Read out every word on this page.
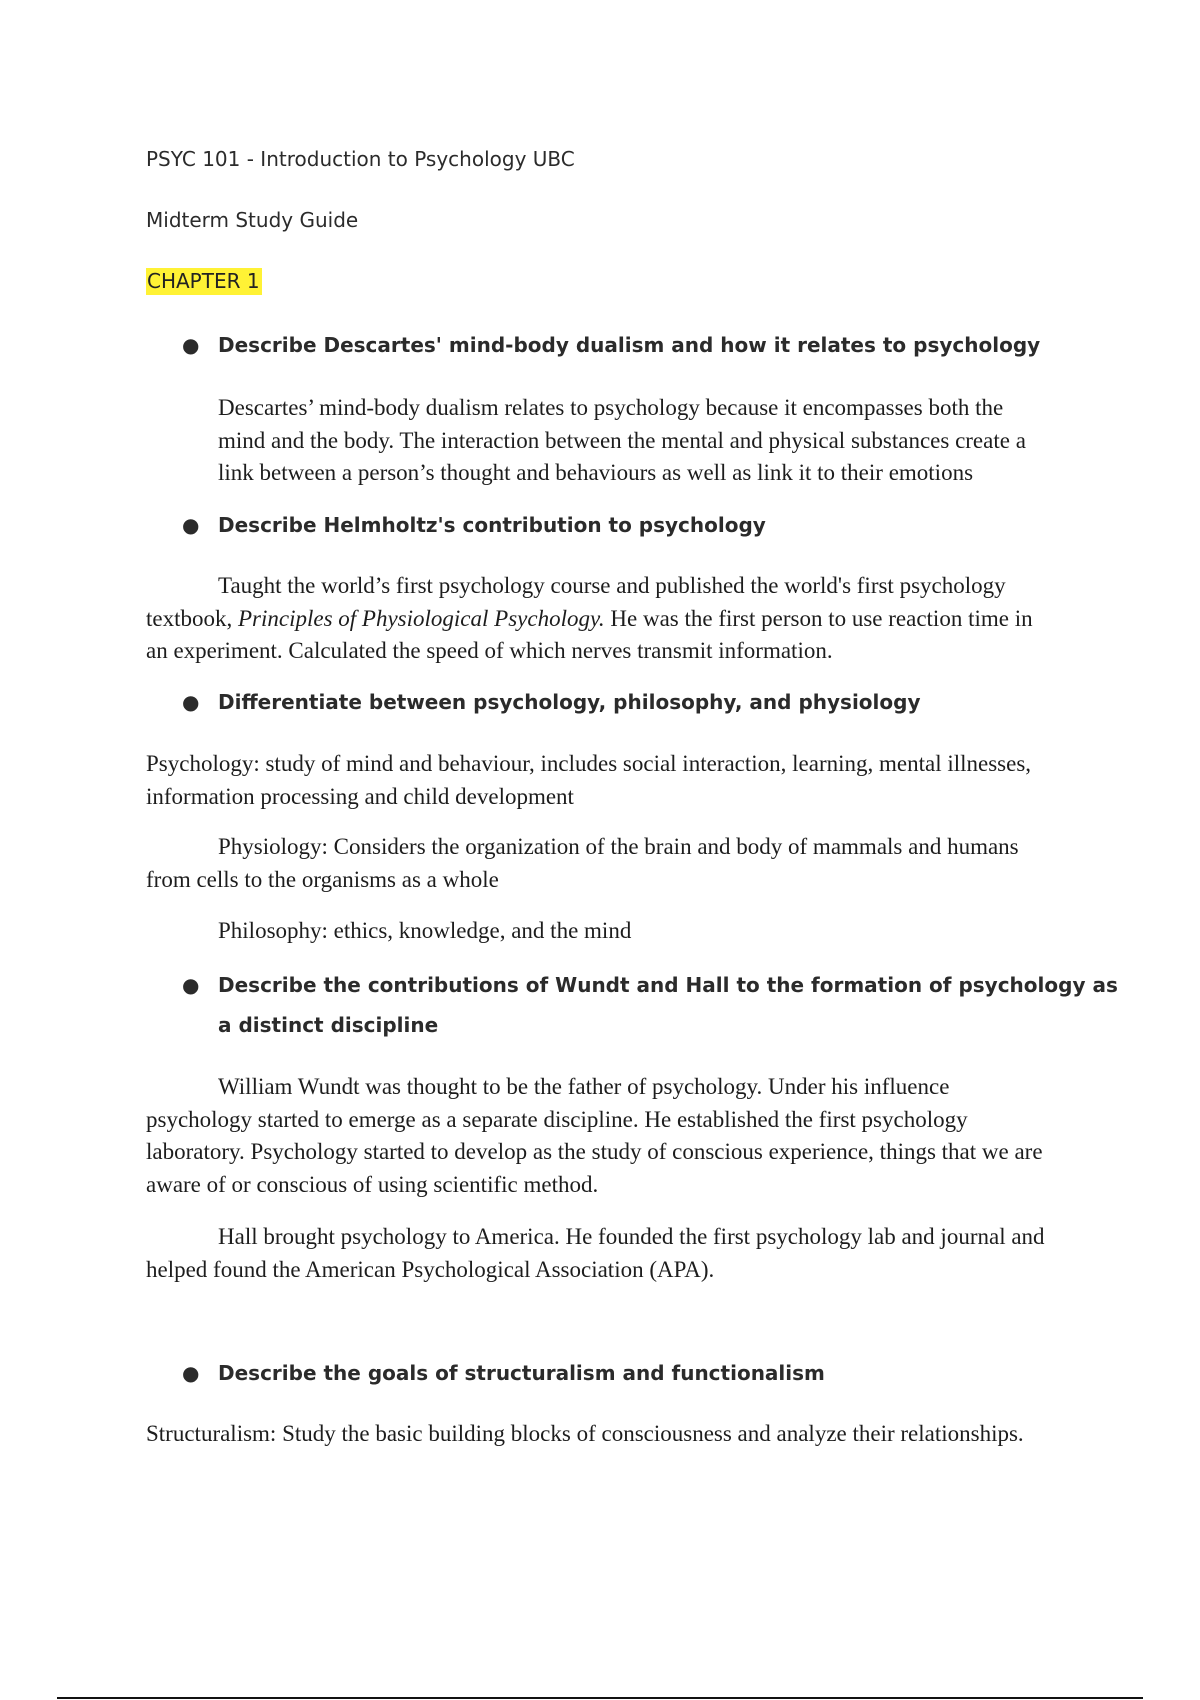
PSYC 101 - Introduction to Psychology UBC

Midterm Study Guide

CHAPTER 1
● Describe Descartes' mind-body dualism and how it relates to psychology
Descartes’ mind-body dualism relates to psychology because it encompasses both the
mind and the body. The interaction between the mental and physical substances create a
link between a person’s thought and behaviours as well as link it to their emotions
● Describe Helmholtz's contribution to psychology
Taught the world’s first psychology course and published the world's first psychology
textbook, Principles of Physiological Psychology. He was the first person to use reaction time in
an experiment. Calculated the speed of which nerves transmit information.
● Differentiate between psychology, philosophy, and physiology
Psychology: study of mind and behaviour, includes social interaction, learning, mental illnesses,
information processing and child development
Physiology: Considers the organization of the brain and body of mammals and humans
from cells to the organisms as a whole
Philosophy: ethics, knowledge, and the mind
● Describe the contributions of Wundt and Hall to the formation of psychology as
a distinct discipline
William Wundt was thought to be the father of psychology. Under his influence
psychology started to emerge as a separate discipline. He established the first psychology
laboratory. Psychology started to develop as the study of conscious experience, things that we are
aware of or conscious of using scientific method.
Hall brought psychology to America. He founded the first psychology lab and journal and
helped found the American Psychological Association (APA).
● Describe the goals of structuralism and functionalism
Structuralism: Study the basic building blocks of consciousness and analyze their relationships.
